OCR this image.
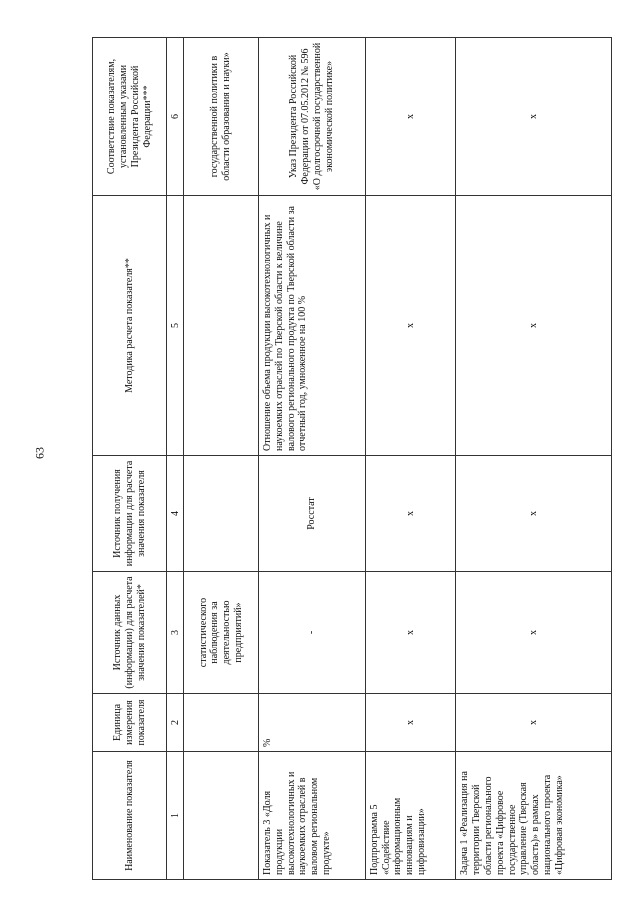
63
Наименование показателя	Единица измерения показателя	Источник данных (информации) для расчета значения показателей*	Источник получения информации для расчета значения показателя	Методика расчета показателя**	Соответствие показателям, установленным указами Президента Российской Федерации***
1	2	3	4	5	6
		статистического наблюдения за деятельностью предприятий»			государственной политики в области образования и науки»
Показатель 3 «Доля продукции высокотехнологичных и наукоемких отраслей в валовом региональном продукте»	%	-	Росстат	Отношение объема продукции высокотехнологичных и наукоемких отраслей по Тверской области к величине валового регионального продукта по Тверской области за отчетный год, умноженное на 100 %	Указ Президента Российской Федерации от 07.05.2012 № 596 «О долгосрочной государственной экономической политике»
Подпрограмма 5 «Содействие информационным инновациям и цифровизации»	х	х	х	х	х
Задача 1 «Реализация на территории Тверской области регионального проекта «Цифровое государственное управление (Тверская область)» в рамках национального проекта «Цифровая экономика»	х	х	х	х	х
